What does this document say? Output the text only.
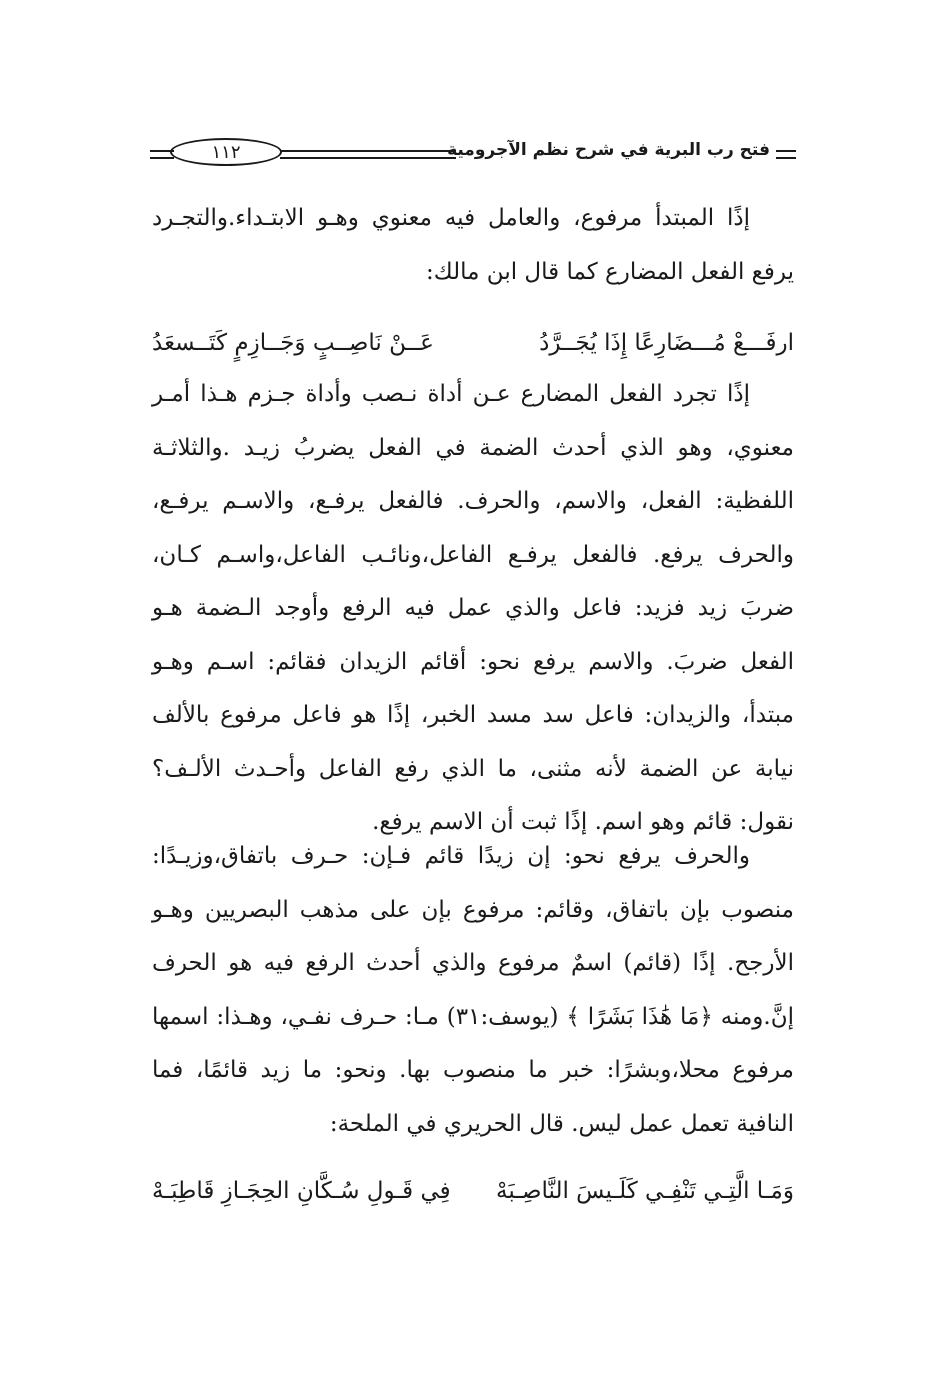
فتح رب البرية في شرح نظم الآجرومية
١١٢
إذًا المبتدأ مرفوع، والعامل فيه معنوي وهـو الابتـداء.والتجـرد يرفع الفعل المضارع كما قال ابن مالك:
ارفَـــعْ مُـــضَارِعًا إِذَا يُجَــرَّدُ
عَــنْ نَاصِــبٍ وَجَــازِمٍ كَتَــسعَدُ
إذًا تجرد الفعل المضارع عـن أداة نـصب وأداة جـزم هـذا أمـر معنوي، وهو الذي أحدث الضمة في الفعل يضربُ زيـد .والثلاثـة اللفظية: الفعل، والاسم، والحرف. فالفعل يرفـع، والاسـم يرفـع، والحرف يرفع. فالفعل يرفـع الفاعل،ونائـب الفاعل،واسـم كـان، ضربَ زيد فزيد: فاعل والذي عمل فيه الرفع وأوجد الـضمة هـو الفعل ضربَ. والاسم يرفع نحو: أقائم الزيدان فقائم: اسـم وهـو مبتدأ، والزيدان: فاعل سد مسد الخبر، إذًا هو فاعل مرفوع بالألف نيابة عن الضمة لأنه مثنى، ما الذي رفع الفاعل وأحـدث الألـف؟ نقول: قائم وهو اسم. إذًا ثبت أن الاسم يرفع.
والحرف يرفع نحو: إن زيدًا قائم فـإن: حـرف باتفاق،وزيـدًا: منصوب بإن باتفاق، وقائم: مرفوع بإن على مذهب البصريين وهـو الأرجح. إذًا (قائم) اسمٌ مرفوع والذي أحدث الرفع فيه هو الحرف إنَّ.ومنه ﴿مَا هَٰذَا بَشَرًا ﴾ (يوسف:٣١) مـا: حـرف نفـي، وهـذا: اسمها مرفوع محلا،وبشرًا: خبر ما منصوب بها. ونحو: ما زيد قائمًا، فما النافية تعمل عمل ليس. قال الحريري في الملحة:
وَمَـا الَّتِـي تَنْفِـي كَلَـيسَ النَّاصِـبَهْ
فِي قَـولِ سُـكَّانِ الحِجَـازِ قَاطِبَـهْ
